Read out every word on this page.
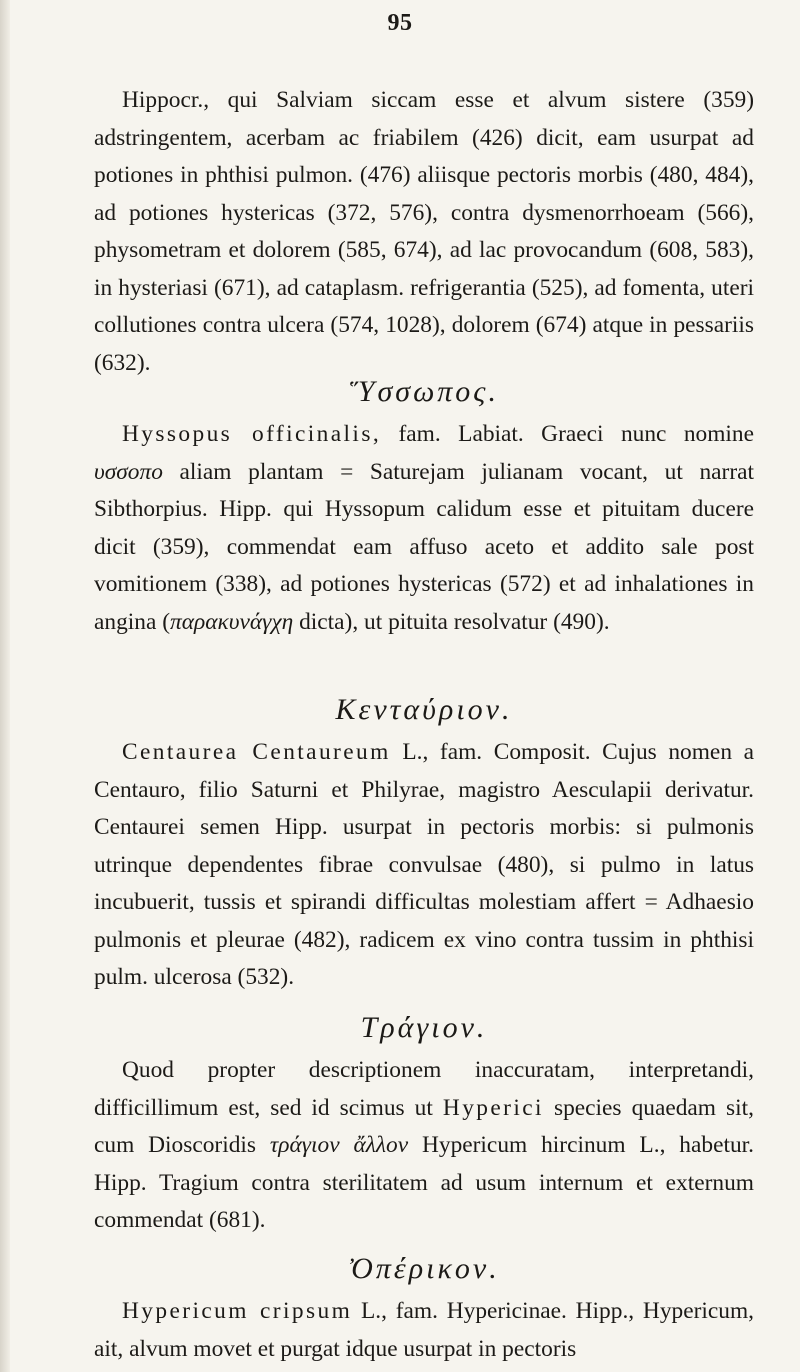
95

Hippocr., qui Salviam siccam esse et alvum sistere (359) adstringentem, acerbam ac friabilem (426) dicit, eam usurpat ad potiones in phthisi pulmon. (476) aliisque pectoris morbis (480, 484), ad potiones hystericas (372, 576), contra dysmenorrhoeam (566), physometram et dolorem (585, 674), ad lac provocandum (608, 583), in hysteriasi (671), ad cataplasm. refrigerantia (525), ad fomenta, uteri collutiones contra ulcera (574, 1028), dolorem (674) atque in pessariis (632).

Ὕσσωπος.

Hyssopus officinalis, fam. Labiat. Graeci nunc nomine υσσοπο aliam plantam = Saturejam julianam vocant, ut narrat Sibthorpius. Hipp. qui Hyssopum calidum esse et pituitam ducere dicit (359), commendat eam affuso aceto et addito sale post vomitionem (338), ad potiones hystericas (572) et ad inhalationes in angina (παρακυνάγχη dicta), ut pituita resolvatur (490).

Κενταύριον.

Centaurea Centaureum L., fam. Composit. Cujus nomen a Centauro, filio Saturni et Philyrae, magistro Aesculapii derivatur. Centaurei semen Hipp. usurpat in pectoris morbis: si pulmonis utrinque dependentes fibrae convulsae (480), si pulmo in latus incubuerit, tussis et spirandi difficultas molestiam affert = Adhaesio pulmonis et pleurae (482), radicem ex vino contra tussim in phthisi pulm. ulcerosa (532).

Τράγιον.

Quod propter descriptionem inaccuratam, interpretandi, difficillimum est, sed id scimus ut Hyperici species quaedam sit, cum Dioscoridis τράγιον ἄλλον Hypericum hircinum L., habetur. Hipp. Tragium contra sterilitatem ad usum internum et externum commendat (681).

Ὀπέρικον.

Hypericum cripsum L., fam. Hypericinae. Hipp., Hypericum, ait, alvum movet et purgat idque usurpat in pectoris
